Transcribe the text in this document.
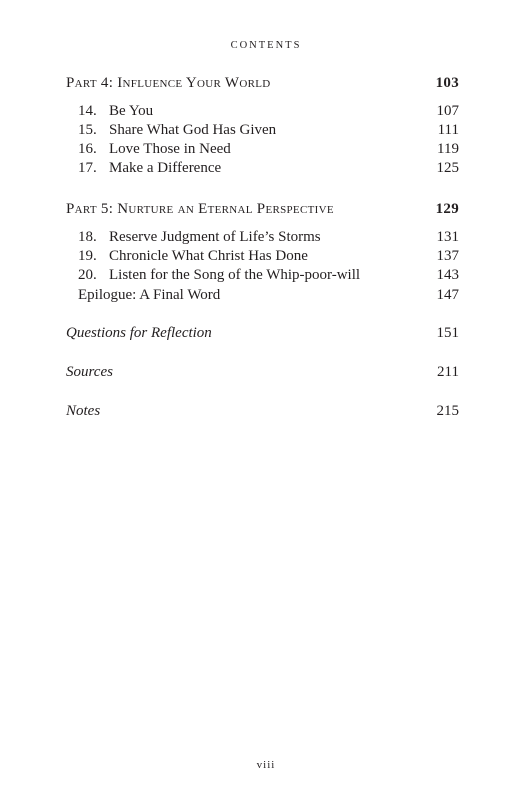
CONTENTS
Part 4: Influence Your World	103
14. Be You	107
15. Share What God Has Given	111
16. Love Those in Need	119
17. Make a Difference	125
Part 5: Nurture an Eternal Perspective	129
18. Reserve Judgment of Life’s Storms	131
19. Chronicle What Christ Has Done	137
20. Listen for the Song of the Whip-poor-will	143
Epilogue: A Final Word	147
Questions for Reflection	151
Sources	211
Notes	215
viii
